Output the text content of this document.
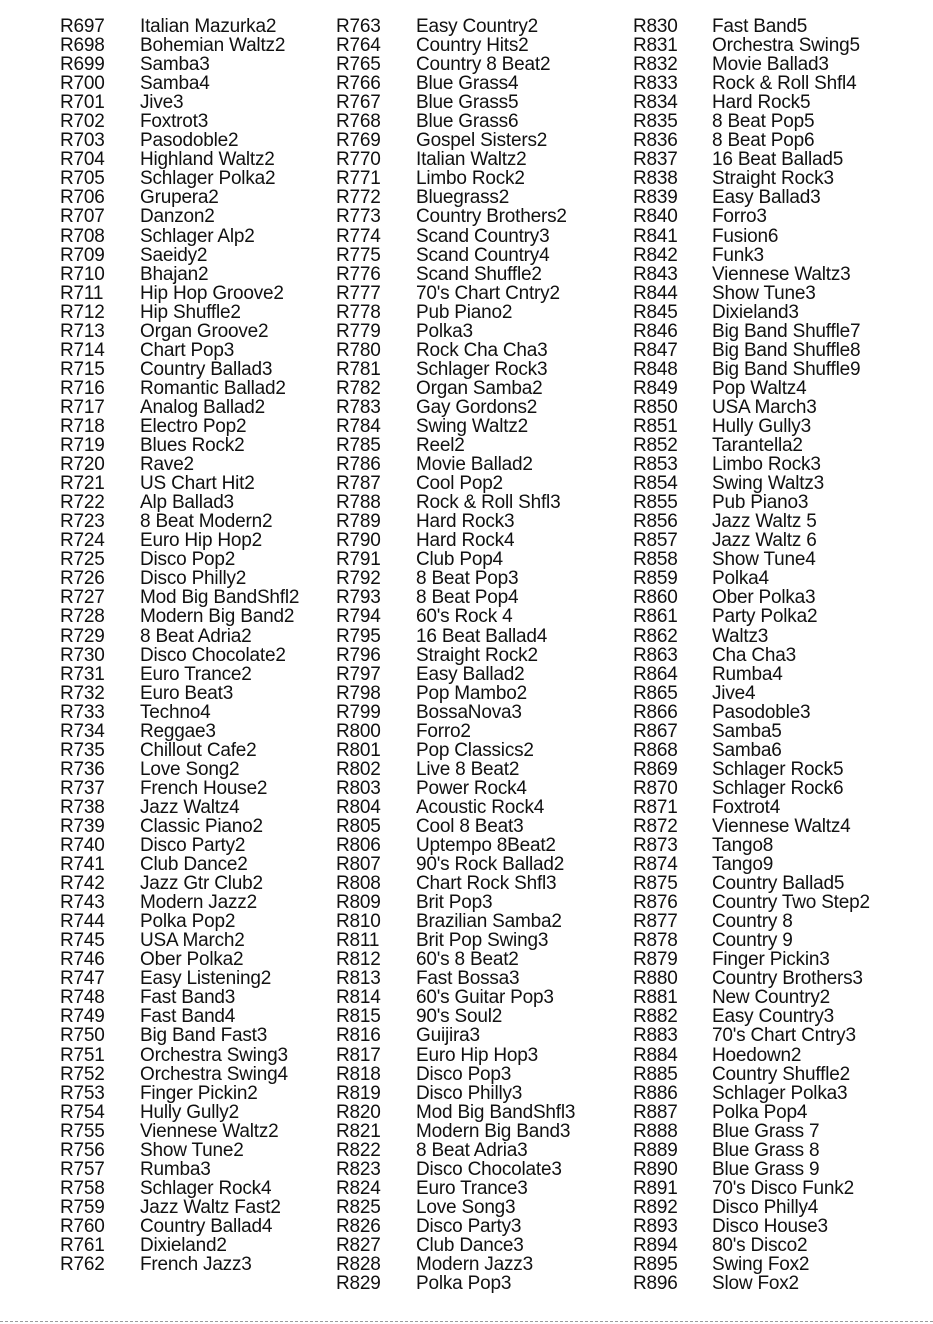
R697	Italian Mazurka2
R698	Bohemian Waltz2
R699	Samba3
R700	Samba4
R701	Jive3
R702	Foxtrot3
R703	Pasodoble2
R704	Highland Waltz2
R705	Schlager Polka2
R706	Grupera2
R707	Danzon2
R708	Schlager Alp2
R709	Saeidy2
R710	Bhajan2
R711	Hip Hop Groove2
R712	Hip Shuffle2
R713	Organ Groove2
R714	Chart Pop3
R715	Country Ballad3
R716	Romantic Ballad2
R717	Analog Ballad2
R718	Electro Pop2
R719	Blues Rock2
R720	Rave2
R721	US Chart Hit2
R722	Alp Ballad3
R723	8 Beat Modern2
R724	Euro Hip Hop2
R725	Disco Pop2
R726	Disco Philly2
R727	Mod Big BandShfl2
R728	Modern Big Band2
R729	8 Beat Adria2
R730	Disco Chocolate2
R731	Euro Trance2
R732	Euro Beat3
R733	Techno4
R734	Reggae3
R735	Chillout Cafe2
R736	Love Song2
R737	French House2
R738	Jazz Waltz4
R739	Classic Piano2
R740	Disco Party2
R741	Club Dance2
R742	Jazz Gtr Club2
R743	Modern Jazz2
R744	Polka Pop2
R745	USA March2
R746	Ober Polka2
R747	Easy Listening2
R748	Fast Band3
R749	Fast Band4
R750	Big Band Fast3
R751	Orchestra Swing3
R752	Orchestra Swing4
R753	Finger Pickin2
R754	Hully Gully2
R755	Viennese Waltz2
R756	Show Tune2
R757	Rumba3
R758	Schlager Rock4
R759	Jazz Waltz Fast2
R760	Country Ballad4
R761	Dixieland2
R762	French Jazz3
R763	Easy Country2
R764	Country Hits2
R765	Country 8 Beat2
R766	Blue Grass4
R767	Blue Grass5
R768	Blue Grass6
R769	Gospel Sisters2
R770	Italian Waltz2
R771	Limbo Rock2
R772	Bluegrass2
R773	Country Brothers2
R774	Scand Country3
R775	Scand Country4
R776	Scand Shuffle2
R777	70's Chart Cntry2
R778	Pub Piano2
R779	Polka3
R780	Rock Cha Cha3
R781	Schlager Rock3
R782	Organ Samba2
R783	Gay Gordons2
R784	Swing Waltz2
R785	Reel2
R786	Movie Ballad2
R787	Cool Pop2
R788	Rock & Roll Shfl3
R789	Hard Rock3
R790	Hard Rock4
R791	Club Pop4
R792	8 Beat Pop3
R793	8 Beat Pop4
R794	60's Rock 4
R795	16 Beat Ballad4
R796	Straight Rock2
R797	Easy Ballad2
R798	Pop Mambo2
R799	BossaNova3
R800	Forro2
R801	Pop Classics2
R802	Live 8 Beat2
R803	Power Rock4
R804	Acoustic Rock4
R805	Cool 8 Beat3
R806	Uptempo 8Beat2
R807	90's Rock Ballad2
R808	Chart Rock Shfl3
R809	Brit Pop3
R810	Brazilian Samba2
R811	Brit Pop Swing3
R812	60's 8 Beat2
R813	Fast Bossa3
R814	60's Guitar Pop3
R815	90's Soul2
R816	Guijira3
R817	Euro Hip Hop3
R818	Disco Pop3
R819	Disco Philly3
R820	Mod Big BandShfl3
R821	Modern Big Band3
R822	8 Beat Adria3
R823	Disco Chocolate3
R824	Euro Trance3
R825	Love Song3
R826	Disco Party3
R827	Club Dance3
R828	Modern Jazz3
R829	Polka Pop3
R830	Fast Band5
R831	Orchestra Swing5
R832	Movie Ballad3
R833	Rock & Roll Shfl4
R834	Hard Rock5
R835	8 Beat Pop5
R836	8 Beat Pop6
R837	16 Beat Ballad5
R838	Straight Rock3
R839	Easy Ballad3
R840	Forro3
R841	Fusion6
R842	Funk3
R843	Viennese Waltz3
R844	Show Tune3
R845	Dixieland3
R846	Big Band Shuffle7
R847	Big Band Shuffle8
R848	Big Band Shuffle9
R849	Pop Waltz4
R850	USA March3
R851	Hully Gully3
R852	Tarantella2
R853	Limbo Rock3
R854	Swing Waltz3
R855	Pub Piano3
R856	Jazz Waltz 5
R857	Jazz Waltz 6
R858	Show Tune4
R859	Polka4
R860	Ober Polka3
R861	Party Polka2
R862	Waltz3
R863	Cha Cha3
R864	Rumba4
R865	Jive4
R866	Pasodoble3
R867	Samba5
R868	Samba6
R869	Schlager Rock5
R870	Schlager Rock6
R871	Foxtrot4
R872	Viennese Waltz4
R873	Tango8
R874	Tango9
R875	Country Ballad5
R876	Country Two Step2
R877	Country 8
R878	Country 9
R879	Finger Pickin3
R880	Country Brothers3
R881	New Country2
R882	Easy Country3
R883	70's Chart Cntry3
R884	Hoedown2
R885	Country Shuffle2
R886	Schlager Polka3
R887	Polka Pop4
R888	Blue Grass 7
R889	Blue Grass 8
R890	Blue Grass 9
R891	70's Disco Funk2
R892	Disco Philly4
R893	Disco House3
R894	80's Disco2
R895	Swing Fox2
R896	Slow Fox2
